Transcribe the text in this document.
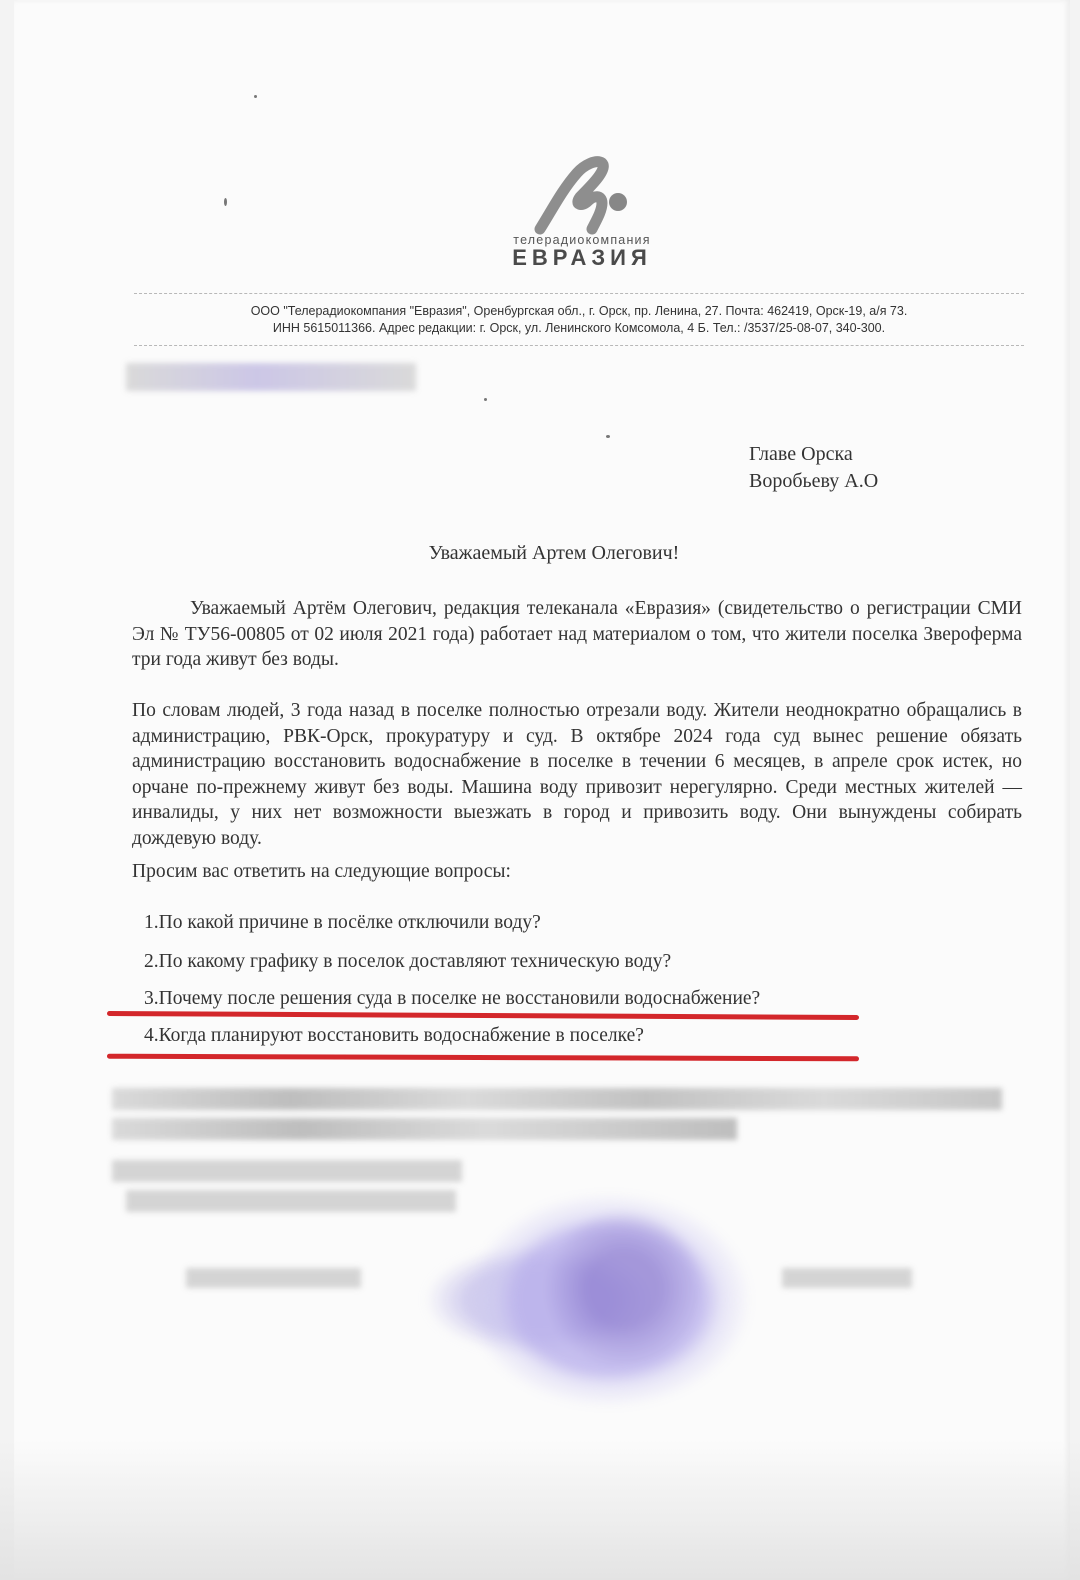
телерадиокомпания
ЕВРАЗИЯ
ООО "Телерадиокомпания "Евразия", Оренбургская обл., г. Орск, пр. Ленина, 27. Почта: 462419, Орск-19, а/я 73.
ИНН 5615011366. Адрес редакции: г. Орск, ул. Ленинского Комсомола, 4 Б. Тел.: /3537/25-08-07, 340-300.
Главе Орска
Воробьеву А.О
Уважаемый Артем Олегович!
Уважаемый Артём Олегович, редакция телеканала «Евразия» (свидетельство о регистрации СМИ Эл № ТУ56-00805 от 02 июля 2021 года) работает над материалом о том, что жители поселка Звероферма три года живут без воды.
По словам людей, 3 года назад в поселке полностью отрезали воду. Жители неоднократно обращались в администрацию, РВК-Орск, прокуратуру и суд. В октябре 2024 года суд вынес решение обязать администрацию восстановить водоснабжение в поселке в течении 6 месяцев, в апреле срок истек, но орчане по-прежнему живут без воды. Машина воду привозит нерегулярно. Среди местных жителей — инвалиды, у них нет возможности выезжать в город и привозить воду. Они вынуждены собирать дождевую воду.
Просим вас ответить на следующие вопросы:
1.По какой причине в посёлке отключили воду?
2.По какому графику в поселок доставляют техническую воду?
3.Почему после решения суда в поселке не восстановили водоснабжение?
4.Когда планируют восстановить водоснабжение в поселке?
